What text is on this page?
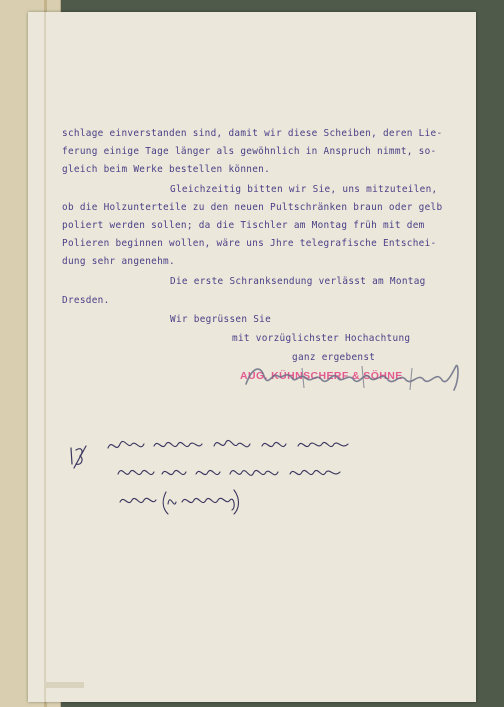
schlage einverstanden sind, damit wir diese Scheiben, deren Lie-
ferung einige Tage länger als gewöhnlich in Anspruch nimmt, so-
gleich beim Werke bestellen können.
Gleichzeitig bitten wir Sie, uns mitzuteilen,
ob die Holzunterteile zu den neuen Pultschränken braun oder gelb
poliert werden sollen; da die Tischler am Montag früh mit dem
Polieren beginnen wollen, wäre uns Jhre telegrafische Entschei-
dung sehr angenehm.
Die erste Schranksendung verlässt am Montag
Dresden.
Wir begrüssen Sie
mit vorzüglichster Hochachtung
ganz ergebenst
AUG. KÜHNSCHERF & SÖHNE
